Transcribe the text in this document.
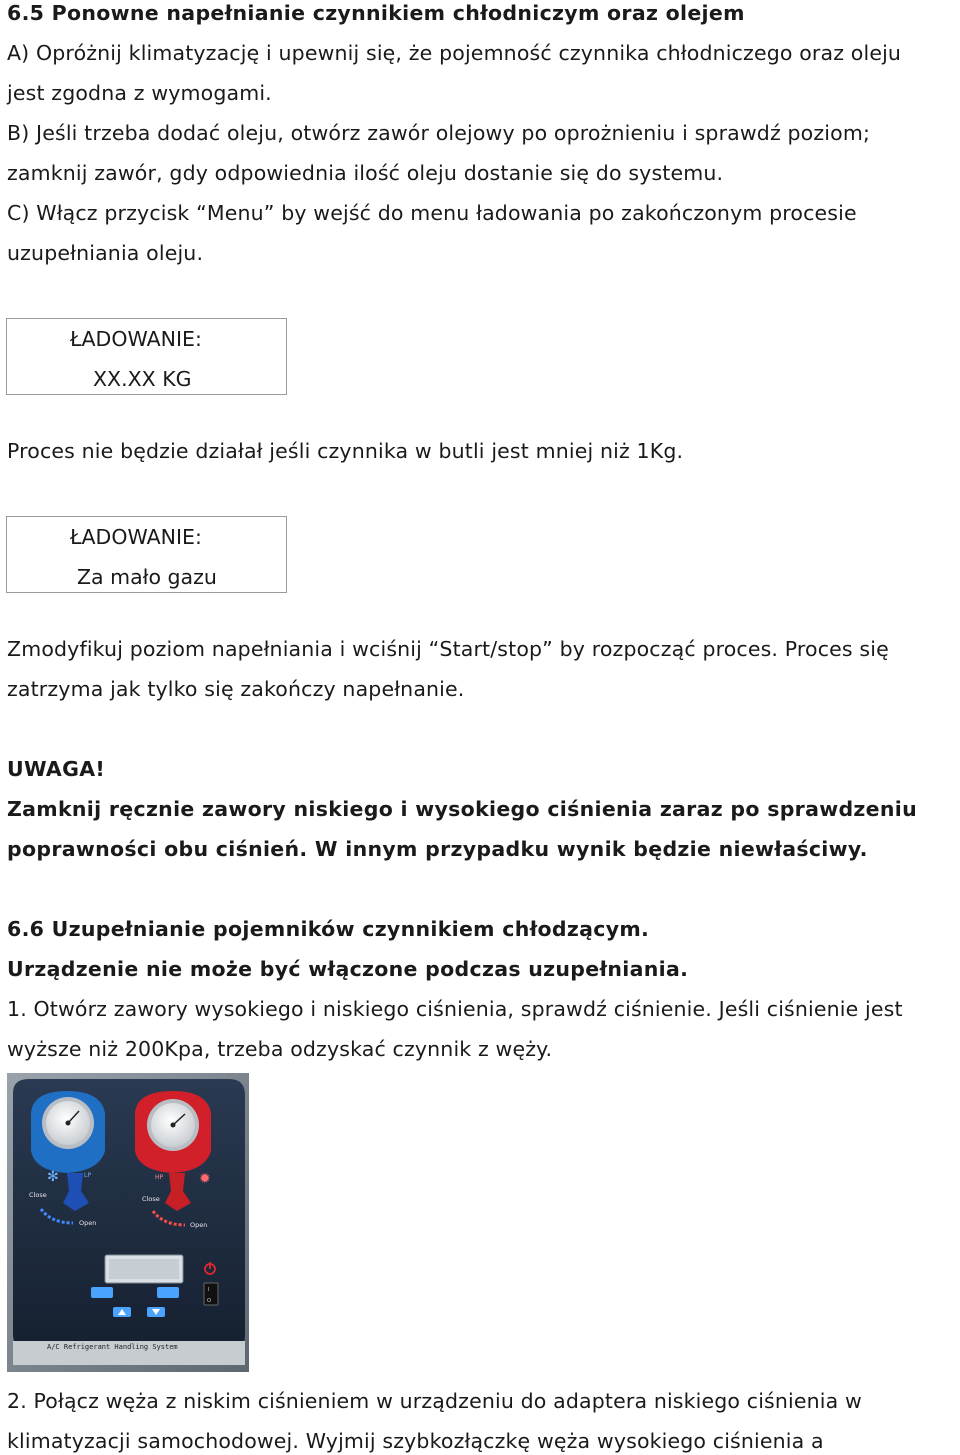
6.5 Ponowne napełnianie czynnikiem chłodniczym oraz olejem
A) Opróżnij klimatyzację i upewnij się, że pojemność czynnika chłodniczego oraz oleju
jest zgodna z wymogami.
B) Jeśli trzeba dodać oleju, otwórz zawór olejowy po oprożnieniu i sprawdź poziom;
zamknij zawór, gdy odpowiednia ilość oleju dostanie się do systemu.
C) Włącz przycisk “Menu” by wejść do menu ładowania po zakończonym procesie
uzupełniania oleju.
ŁADOWANIE:
XX.XX KG
Proces nie będzie działał jeśli czynnika w butli jest mniej niż 1Kg.
ŁADOWANIE:
Za mało gazu
Zmodyfikuj poziom napełniania i wciśnij “Start/stop” by rozpocząć proces. Proces się
zatrzyma jak tylko się zakończy napełnanie.
UWAGA!
Zamknij ręcznie zawory niskiego i wysokiego ciśnienia zaraz po sprawdzeniu
poprawności obu ciśnień. W innym przypadku wynik będzie niewłaściwy.
6.6 Uzupełnianie pojemników czynnikiem chłodzącym.
Urządzenie nie może być włączone podczas uzupełniania.
1. Otwórz zawory wysokiego i niskiego ciśnienia, sprawdź ciśnienie. Jeśli ciśnienie jest
wyższe niż 200Kpa, trzeba odzyskać czynnik z węży.
✻	✹
LP	HP
Close	Close
Open	Open
I
O
A/C Refrigerant Handling System
2. Połącz węża z niskim ciśnieniem w urządzeniu do adaptera niskiego ciśnienia w
klimatyzacji samochodowej. Wyjmij szybkozłączkę węża wysokiego ciśnienia a
